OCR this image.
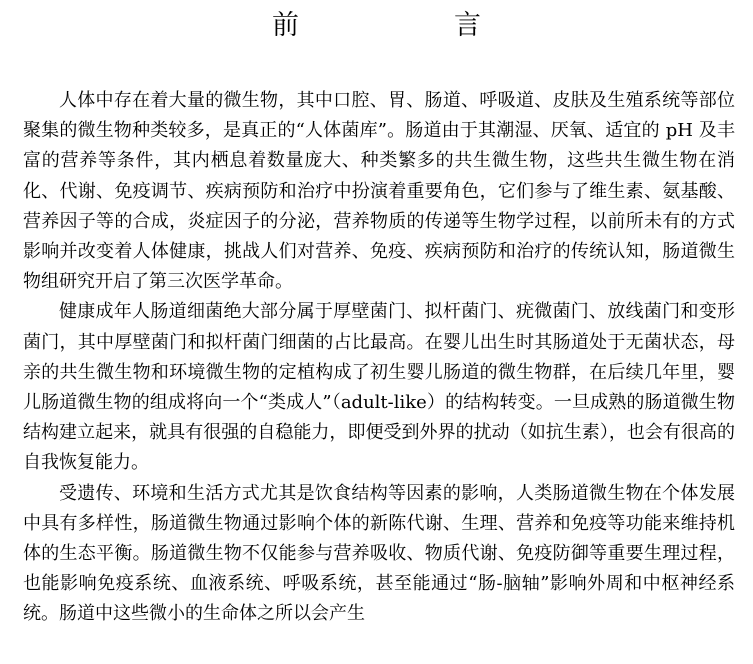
前　言

人体中存在着大量的微生物，其中口腔、胃、肠道、呼吸道、皮肤及生殖系统等部位聚集的微生物种类较多，是真正的“人体菌库”。肠道由于其潮湿、厌氧、适宜的 pH 及丰富的营养等条件，其内栖息着数量庞大、种类繁多的共生微生物，这些共生微生物在消化、代谢、免疫调节、疾病预防和治疗中扮演着重要角色，它们参与了维生素、氨基酸、营养因子等的合成，炎症因子的分泌，营养物质的传递等生物学过程，以前所未有的方式影响并改变着人体健康，挑战人们对营养、免疫、疾病预防和治疗的传统认知，肠道微生物组研究开启了第三次医学革命。

健康成年人肠道细菌绝大部分属于厚壁菌门、拟杆菌门、疣微菌门、放线菌门和变形菌门，其中厚壁菌门和拟杆菌门细菌的占比最高。在婴儿出生时其肠道处于无菌状态，母亲的共生微生物和环境微生物的定植构成了初生婴儿肠道的微生物群，在后续几年里，婴儿肠道微生物的组成将向一个“类成人”（adult-like）的结构转变。一旦成熟的肠道微生物结构建立起来，就具有很强的自稳能力，即便受到外界的扰动（如抗生素），也会有很高的自我恢复能力。

受遗传、环境和生活方式尤其是饮食结构等因素的影响，人类肠道微生物在个体发展中具有多样性，肠道微生物通过影响个体的新陈代谢、生理、营养和免疫等功能来维持机体的生态平衡。肠道微生物不仅能参与营养吸收、物质代谢、免疫防御等重要生理过程，也能影响免疫系统、血液系统、呼吸系统，甚至能通过“肠-脑轴”影响外周和中枢神经系统。肠道中这些微小的生命体之所以会产生
